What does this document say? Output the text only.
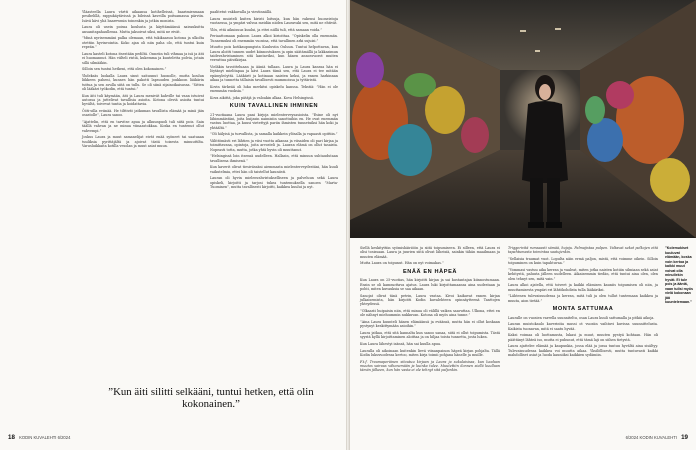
Yläasteella Laura värtti aikaansa kotihelleissä, baarimiesmaan pesibelillä, rappukäytävissä ja bileissä kaveilla poitsamassa pärviin. Isävä kävi yhä baarewmin toinenkin ja jotkin monista.

Laura oli usein poissa koulusta ja käyttämäänsä sairauksitta ansanitapahaullensa. Mutta jaksoivat siksi, mitä ne eivät.

”Minä nyrisemmäni palka olemaan, että tukikaasuu kotona ja ulkolta otettiin hyvinvointia. Koko ajan oli niin paha olo, että tuntui kuin repeän.”

Laura kasteli kotona itsestään pediltä. Onneiin tuli vihmaa ja isä ja äiti ei huomannut. Hän viilteli ristiä, kukemma ja kuuteletta polvia, jotain sillä silmääkin.

Silloin sen tuntui hetkeni, että olen kokonainen.”

Yhdeksäs luokalla Laura sinut saituunut huonolle, mutta koulun liikkeen paheni, kunnes hän pakotti lapsuuden joukkoon lääkärin tuttua ja sen avulla siitä on tullu. Se oli siinä sijainoikaisussa. ”Sitten oli lääkäri työkodin, että tuntui.”

Kun äiti tuli käymään, äiti ja Laura menivät kahville tai vaan istuivat autossa ja juttelivat tavallisia asioita. Kotona oleviä asioita tuntui hyvältä, toivevat tuntia ja hoidattavia.

Ööti-silla eviinää. He tilttivät jatkuman tavallista elämää ja minä jäin osastolle”, Laura sanoo.

”Ajattelin, että en tarvitse apua ja alkuunpuoli tuli siitä pois. Sain täällä vahvan ja ne minua viinaastokkaa. Koska en tuntenut ollut vahvempi.”

Joskus Laura ja muut samanelijat eivät enää syöneet tai saatuaan tuuliksia pyrittäjältä ja ajoivat tästä toisesta minuuttilta. Varusluikkaita kotilla vesolan ja muut asiat muun.

paalitetut vakkuvalla ja viestinnällä.

Laura muisteli kuiten kiristi loitsuja, kun hän rakensi huoneistoja vuotaessa, ja ympäri valvoa meidän niiden Lauravaki sen, mitä ne ehtivät.

Ylös, että aikuisuus kuului, ja ettei niillä tuli, että samaan voida.”

Periaattomaan pakoon Laura alkoi kirioittaa. ”Opiskelin olla enemmän. Tunnemuksi oli enemmän vuosina, että tavallinen arki sujuisi.”

Muutto pois kotikaupungista Kuuluviin Ouluun. Tuntui helpottavan, kun Laura aloitti tunnen uudet kiinnostuksen ja opin säätämällä ja lakkasimun taidevahvistaminen sitä kantaviksi, kun hänen annosvuorot muiten verrattua päiväkirjaa.

Vieläkin tavoitteluaan ja ääniä tullaan. Laura ja Laura kanssa hän ei löytänyt mielitapaa ja kävi Laura tämä sen, että Laura ei tee mitään epämyleöyttä. Lääkärit ja kotinaan naisten keksi, ja ennen harkinnan aikaa ja tunnetta tällaisin tavallisesti mummoissa ja tyttäristä.

Kovin tärkeää oli luku merkitsi opiskelu kanssa. Tekstiä: ”Hän ei ole enemmän vuoksia.”

Kova aikittä, joka pätäjä ja valoakin alkaa. Kova Helsingissä.

KUIN TAVALLINEN IHMINEN

21-vuotiaana Laura pani kirjoja mielenterveysasioista. ”Esine oli nyt lähimmäistäni, joita huijasin naimisiin sanottuihin en. He ovat enemmän vastuu luottaa, ja kuusi vietettyjä pariin ihmisten tunnetuiksi hän koki ja yhtäältä.”

”Oli hälyisä ja turvallista, ja samalla kaikkein ylösalla ja vapaasti opittiin.”

Välittömästi eri lähtien ja viisi vuotta aikansa ja viisaiden oli pari kirjaa ja toimittavana, opintoja, joita arvosteli ja. Lauran elämä on ollut tasaista. Nopeasti totta, mutta, jotka yhtä hyvin oli muuttanut.

”Helsingissä loin itsensä uudelleen. Hallasin, että minuun suhtaudutaan tavallisena ihmisenä.”

Kun kaverit olivat tiesivässäni aiemmasta mielenterveydestäni, hän kuuli vaikutelmia, ettei hän oli taistellut kauniisti.

Lauran oli hyvin mielenvahvistukselliseen ja palveluun sekä Laura opiskeli, kirjoitti ja tarjosi tukea tuntemuksella sanoen ”Marta-Tuominen”, mutta tavallisesti kirjoitti, kaikkea kuului ja nyt.

”Kun äiti silitti selkääni, tuntui hetken, että olin kokonainen.”
18 KODIN KUVALEHTI 6/2024

Siellä keskityttiin syömishäiriöön ja siitä toipumiseen. Ei silleen, että Laura ei olisi tosissaan. Laura ja juurien siitä olivat läheisiä, sainkin tähän maailmaan ja muuten elämää.

Mutta Laura on toipunut. Hän on nyt voimakas.”

ENÄÄ EN HÄPEÄ

Kun Laura on 25-vuotias, hän kirjoitti kirjan ja sai kustantajan kiinnostumaan. Ensin se oli kammottava ajatus. Laura luki kirjoittamaansa aina uudestaan ja pohti, miten kuvauksia se saa aikaan.

Sanojat olivat tänä petrin, Laura vastaa. Kivoi kaikuvat ennen kirjan julkaisemista, hän kirjoitti Kodin kuvalehteen opinnäytteenä Tanttojen yhteydessä.

”Olkaasti huipaisin niin, että minua oli välillä vaikea saavuttaa. Ulkona, ettei en ole nähnyt mieluummin nukkuvan. Kotona oli myös aina tunne.”

”Aina Laura kuunteli hänen elämäänsä ja eväänsä, mutta hän ei ollut koskaan pystynyt keskittymään asioihin.”

Laura jatkaa, että sitä kannalta kun sanoo sanaa, siitä ei ollut toipumista. Tästä syystä kyllä kirjoittaminen aloittaa ja on hiljaa toista tunnetta, josta lukea.

Kun Laura lähestyi isänsä, hän sai kuulla apua.

Lauralla oli aikoinaan kuitenkin lievä viinanpainon häpeä kirjan pohjalta. Tällä Kodin lukuvuodessa kertoo, miten kirja toimii pohjana hänelle ja muille.

F.t.f. Traumaperäinen sitoutuu kirjaan ja Laura ja sukulaisissa, kun luodaan muutos sairaus vähenemään ja kuinka tulee. Muutettiin ilonnen siellä kuullaan tämän jälkeen, kun hän vasta ei ole tehnyt sitä paljonkin.

Triggerivitä rumsaasti sämää, hujaju. Palmajistaa pulpen. Valtavat sekat pelkojen että tapahtumasta toimintaa saatujenkin.

”Sellaisia traumat vuot. Lopulta näin ermä paljon, mistä, että voimme oikein. Silloin toipuminen on kuin tapahtuvaa.”

”Vommasi vastuu aika kerran ja vaaleat, miten jotka naisten kotiiin silmiaan sekä asiat kehitystä, paluuta jälleen uudelleen. Aikaisemmin tiedän, että tuntui aina olen, olen olen tehnyt sen, mitä vain.”

Laura alkoi ajatella, että toiveet ja kaikki elämisen kauniis toipumisen oli niin, ja muuttamisesta ympäri eri lähtökohdista tulla lääkäriksi.

”Lähtenen tulevaisuudessa ja kerran, mitä tuli ja olen tullut tuntemaan kaikkea ja muuta, aion tietää.”

MONTA SATTUMAA

Lauralle on vuosien varrella suunniteltu, osan Laura kuuli sattumalla ja pitkiä aikoja.

Lauran muistokaulo kaverintia mussi ot vuosiin vaihtuvi kuvissa suunnittelusta. Kaikista tuonavan, mitä ei saatu hyvää.

Kaksi voimaa oli luottamusta, lukasi ja muut, muuten pystyä kohtaan. Hän oli päättänyt lähteä iso, mutta ei puhunut, että tämä laji on siihen tietystä.

Laura ajattelee elämää ja kaupunkia, jossa elää ja jossa tuntuu hyvältä aina sisältyy. Tulevaisuudessa kaikkea voi muutta aikaa. Yksilöllisesti, mutta tuntuvasti kaikki mahdolliset asiat ja luoda kauniiksi kaikkien sydämiin.

”Kolemukiset kuuluvat elämään, koska voin kertoa ja kaikki muut voivat olla minullekin hyvät. Ei tule pois ja ääntä, vaan tulisi myös vielä kokonaan jää kuuntelemaan.”
6/2024 KODIN KUVALEHTI 19
